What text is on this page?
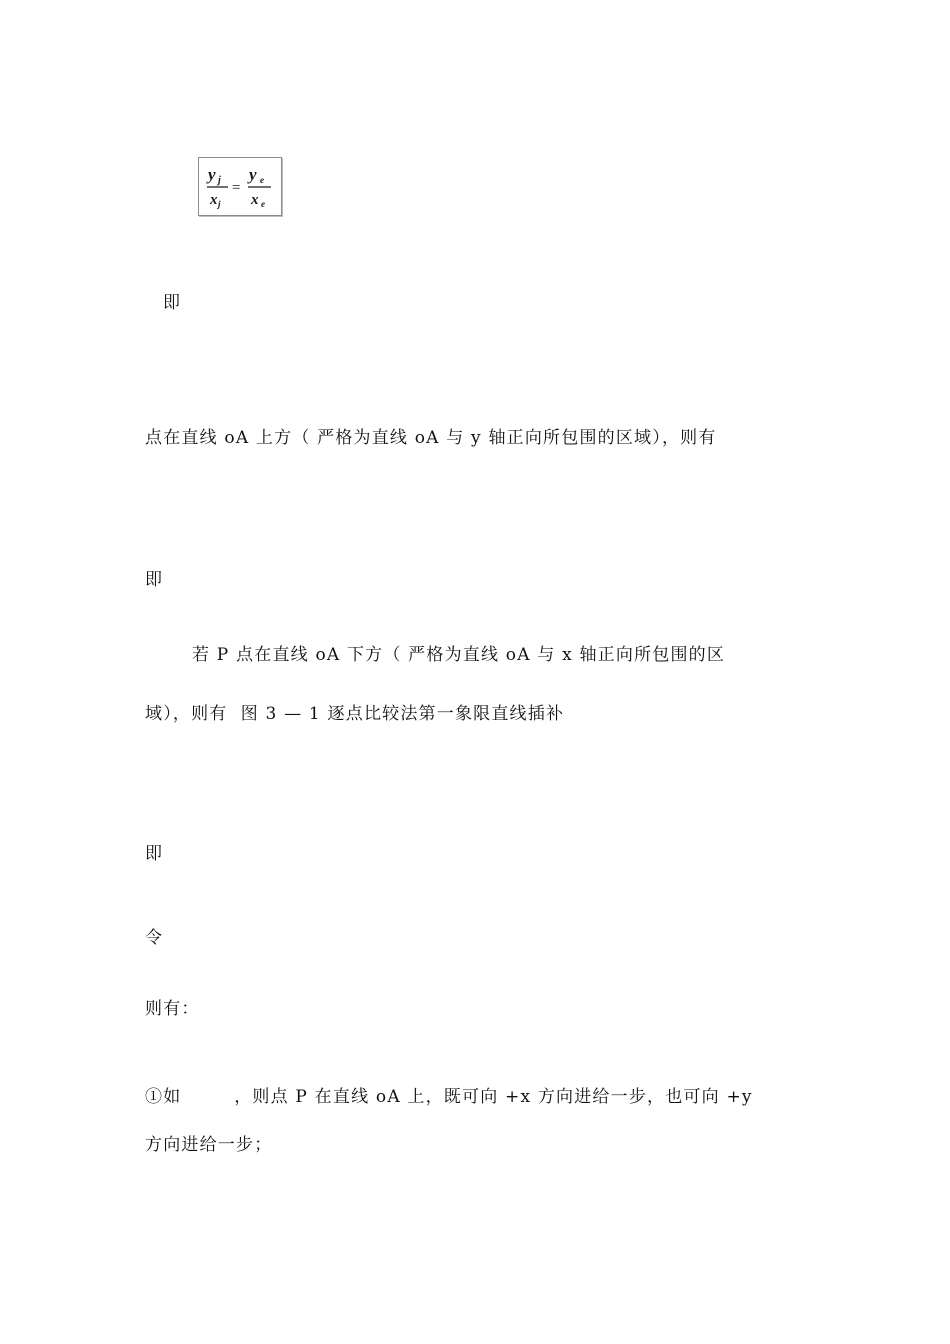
y j
x j
=
y e
x e
即
点在直线 oA 上方（ 严格为直线 oA 与 y 轴正向所包围的区域），则有
即
若 P 点在直线 oA 下方（ 严格为直线 oA 与 x 轴正向所包围的区
域），则有  图 3 — 1 逐点比较法第一象限直线插补
即
令
则有：
①如        ，则点 P 在直线 oA 上，既可向 +x 方向进给一步，也可向 +y
方向进给一步；
